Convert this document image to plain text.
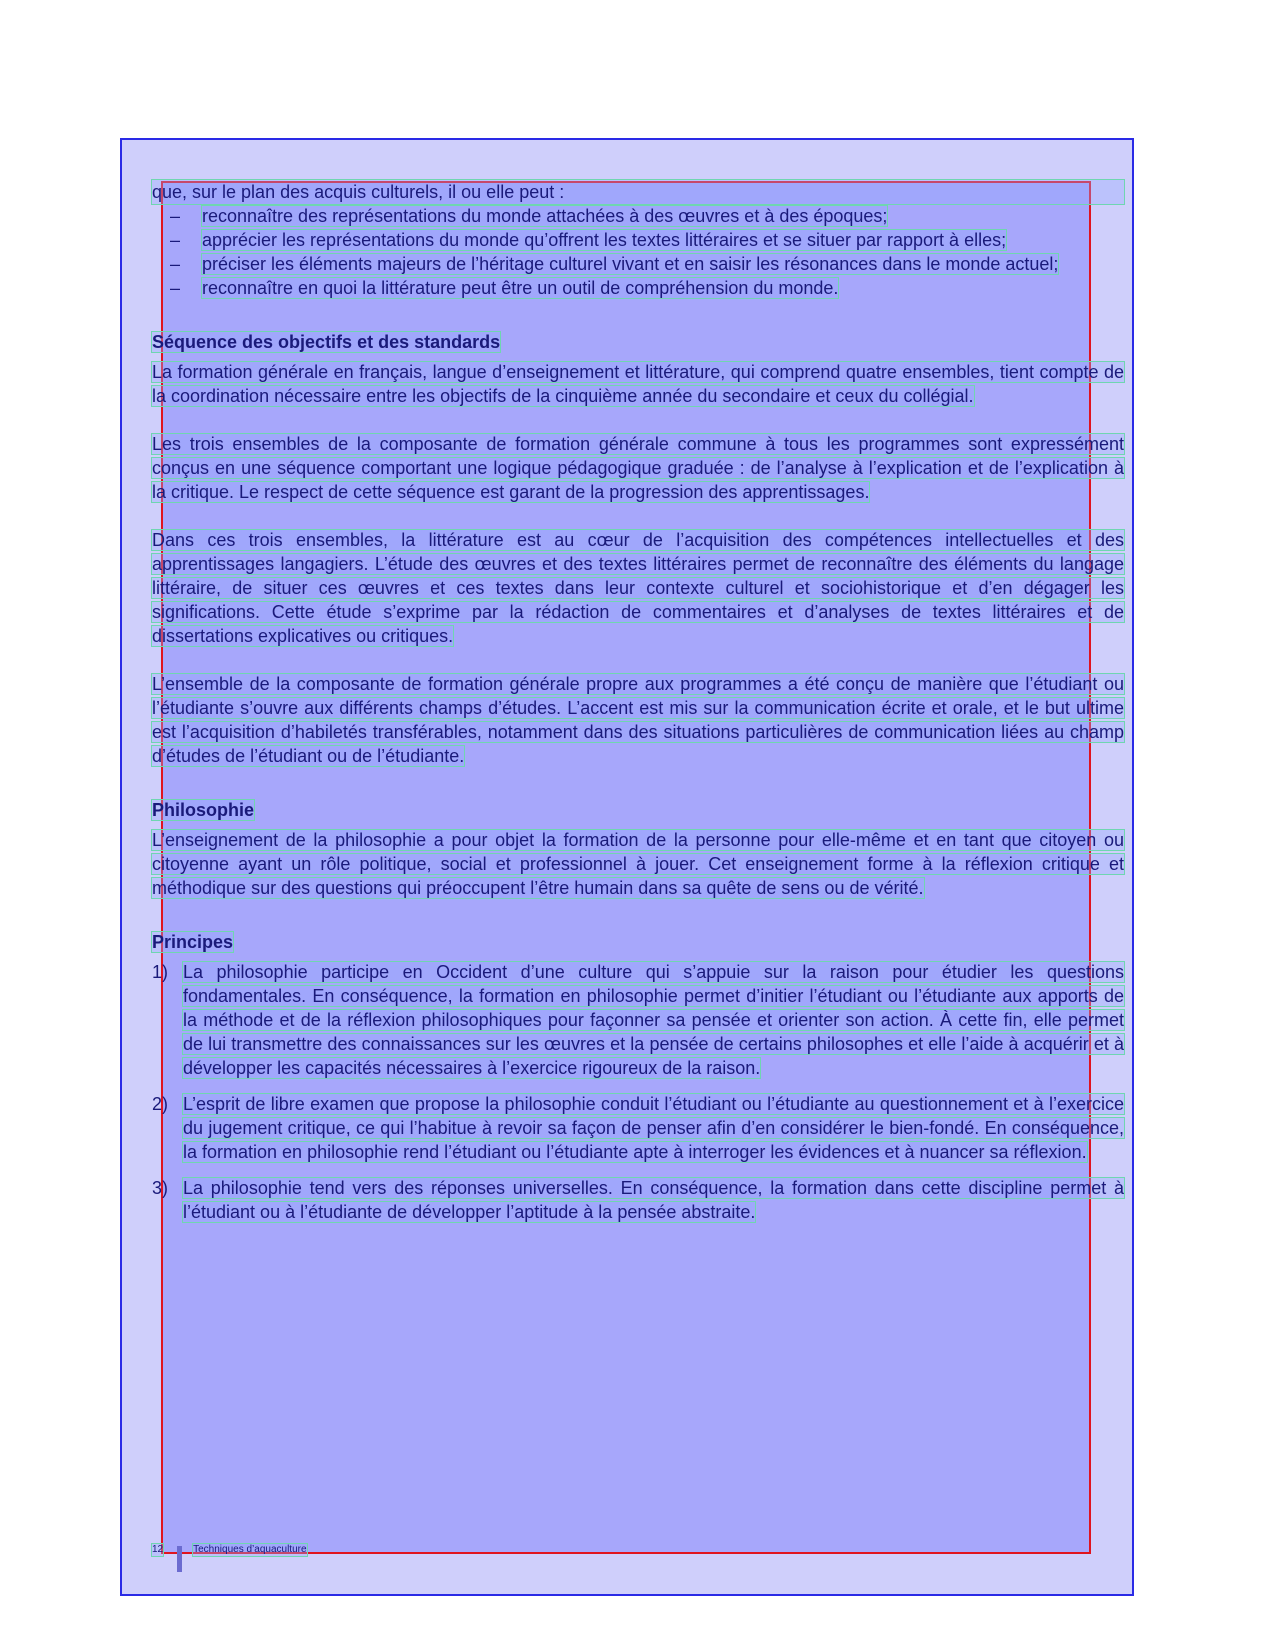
que, sur le plan des acquis culturels, il ou elle peut :

– reconnaître des représentations du monde attachées à des œuvres et à des époques;
– apprécier les représentations du monde qu’offrent les textes littéraires et se situer par rapport à elles;
– préciser les éléments majeurs de l’héritage culturel vivant et en saisir les résonances dans le monde actuel;
– reconnaître en quoi la littérature peut être un outil de compréhension du monde.
Séquence des objectifs et des standards

La formation générale en français, langue d’enseignement et littérature, qui comprend quatre ensembles, tient compte de la coordination nécessaire entre les objectifs de la cinquième année du secondaire et ceux du collégial.

Les trois ensembles de la composante de formation générale commune à tous les programmes sont expressément conçus en une séquence comportant une logique pédagogique graduée : de l’analyse à l’explication et de l’explication à la critique. Le respect de cette séquence est garant de la progression des apprentissages.

Dans ces trois ensembles, la littérature est au cœur de l’acquisition des compétences intellectuelles et des apprentissages langagiers. L’étude des œuvres et des textes littéraires permet de reconnaître des éléments du langage littéraire, de situer ces œuvres et ces textes dans leur contexte culturel et sociohistorique et d’en dégager les significations. Cette étude s’exprime par la rédaction de commentaires et d’analyses de textes littéraires et de dissertations explicatives ou critiques.

L’ensemble de la composante de formation générale propre aux programmes a été conçu de manière que l’étudiant ou l’étudiante s’ouvre aux différents champs d’études. L’accent est mis sur la communication écrite et orale, et le but ultime est l’acquisition d’habiletés transférables, notamment dans des situations particulières de communication liées au champ d’études de l’étudiant ou de l’étudiante.

Philosophie

L’enseignement de la philosophie a pour objet la formation de la personne pour elle-même et en tant que citoyen ou citoyenne ayant un rôle politique, social et professionnel à jouer. Cet enseignement forme à la réflexion critique et méthodique sur des questions qui préoccupent l’être humain dans sa quête de sens ou de vérité.

Principes
1) La philosophie participe en Occident d’une culture qui s’appuie sur la raison pour étudier les questions fondamentales. En conséquence, la formation en philosophie permet d’initier l’étudiant ou l’étudiante aux apports de la méthode et de la réflexion philosophiques pour façonner sa pensée et orienter son action. À cette fin, elle permet de lui transmettre des connaissances sur les œuvres et la pensée de certains philosophes et elle l’aide à acquérir et à développer les capacités nécessaires à l’exercice rigoureux de la raison.
2) L’esprit de libre examen que propose la philosophie conduit l’étudiant ou l’étudiante au questionnement et à l’exercice du jugement critique, ce qui l’habitue à revoir sa façon de penser afin d’en considérer le bien-fondé. En conséquence, la formation en philosophie rend l’étudiant ou l’étudiante apte à interroger les évidences et à nuancer sa réflexion.
3) La philosophie tend vers des réponses universelles. En conséquence, la formation dans cette discipline permet à l’étudiant ou à l’étudiante de développer l’aptitude à la pensée abstraite.
12	Techniques d’aquaculture
